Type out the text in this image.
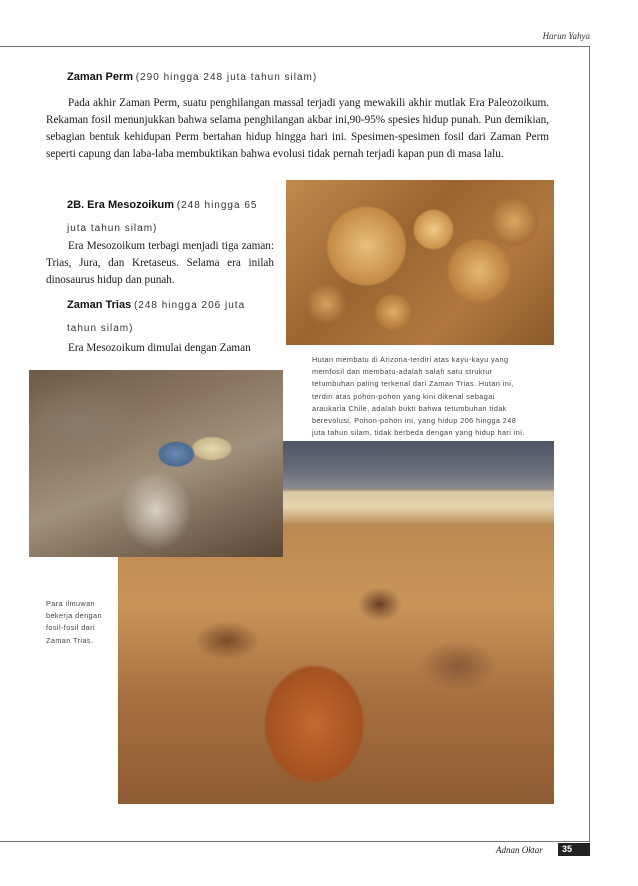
Harun Yahya
Zaman Perm (290 hingga 248 juta tahun silam)
Pada akhir Zaman Perm, suatu penghilangan massal terjadi yang mewakili akhir mutlak Era Paleozoikum. Rekaman fosil menunjukkan bahwa selama penghilangan akbar ini,90-95% spesies hidup punah. Pun demikian, sebagian bentuk kehidupan Perm bertahan hidup hingga hari ini. Spesimen-spesimen fosil dari Zaman Perm seperti capung dan laba-laba membuktikan bahwa evolusi tidak pernah terjadi kapan pun di masa lalu.
2B. Era Mesozoikum (248 hingga 65
juta tahun silam)
Era Mesozoikum terbagi menjadi tiga zaman: Trias, Jura, dan Kretaseus. Selama era inilah dinosaurus hidup dan punah.
Zaman Trias (248 hingga 206 juta
tahun silam)
Era Mesozoikum dimulai dengan Zaman
Hutan membatu di Arizona-terdiri atas kayu-kayu yang
memfosil dan membatu-adalah salah satu struktur
tetumbuhan paling terkenal dari Zaman Trias. Hutan ini,
terdiri atas pohon-pohon yang kini dikenal sebagai
araukaria Chile, adalah bukti bahwa tetumbuhan tidak
berevolusi. Pohon-pohon ini, yang hidup 206 hingga 248
juta tahun silam, tidak berbeda dengan yang hidup hari ini.
Para ilmuwan
bekerja dengan
fosil-fosil dari
Zaman Trias.
Adnan Oktar	35
